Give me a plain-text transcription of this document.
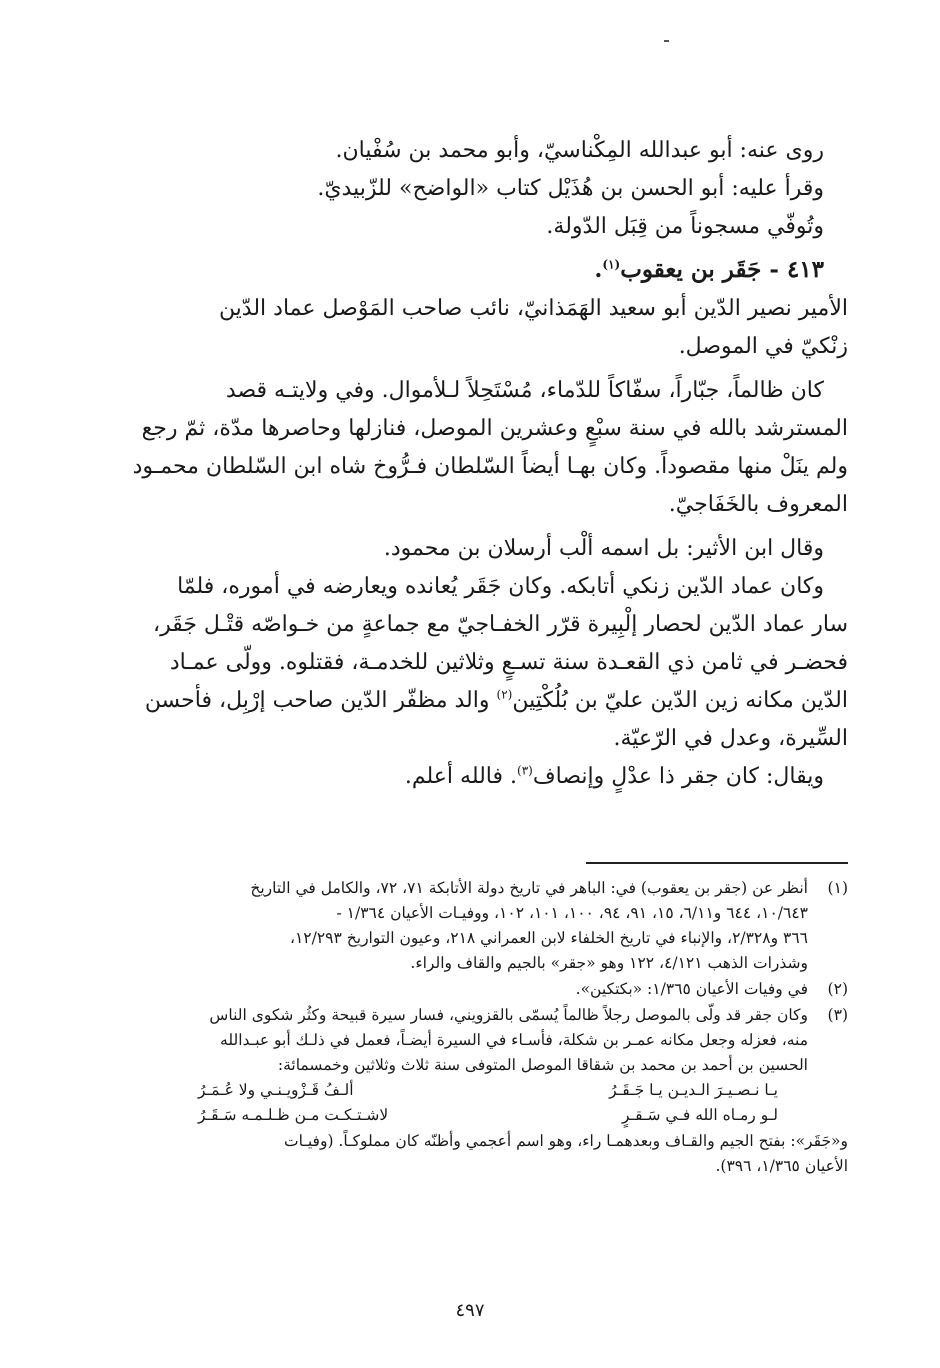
روى عنه: أبو عبدالله المِكْناسيّ، وأبو محمد بن سُفْيان.
وقرأ عليه: أبو الحسن بن هُذَيْل كتاب «الواضح» للزّبيديّ.
وتُوفّي مسجوناً من قِبَل الدّولة.
٤١٣ - جَقَر بن يعقوب$^{(١)}$.
الأمير نصير الدّين أبو سعيد الهَمَذانيّ، نائب صاحب المَوْصل عماد الدّين
زنْكيّ في الموصل.
كان ظالماً، جبّاراً، سفّاكاً للدّماء، مُسْتَحِلاً لـلأموال. وفي ولايتـه قصد
المسترشد بالله في سنة سبْعٍ وعشرين الموصل، فنازلها وحاصرها مدّة، ثمّ رجع
ولم ينَلْ منها مقصوداً. وكان بهـا أيضاً السّلطان فـرُّوخ شاه ابن السّلطان محمـود
المعروف بالخَفَاجيّ.
وقال ابن الأثير: بل اسمه ألْب أرسلان بن محمود.
وكان عماد الدّين زنكي أتابكه. وكان جَقَر يُعانده ويعارضه في أموره، فلمّا
سار عماد الدّين لحصار إلْبِيرة قرّر الخفـاجيّ مع جماعةٍ من خـواصّه قتْـل جَقَر،
فحضـر في ثامن ذي القعـدة سنة تسـعٍ وثلاثين للخدمـة، فقتلوه. وولّى عمـاد
الدّين مكانه زين الدّين عليّ بن بُلُكْتِين$^{(٢)}$ والد مظفّر الدّين صاحب إرْبِل، فأحسن
السِّيرة، وعدل في الرّعيّة.
ويقال: كان جقر ذا عدْلٍ وإنصاف$^{(٣)}$. فالله أعلم.
(١)
أنظر عن (جقر بن يعقوب) في: الباهر في تاريخ دولة الأتابكة ٧١، ٧٢، والكامل في التاريخ
١٠/٦٤٣، ٦٤٤ و٦/١١، ١٥، ٩١، ٩٤، ١٠٠، ١٠١، ١٠٢، ووفيـات الأعيان ١/٣٦٤ -
٣٦٦ و٢/٣٢٨، والإنباء في تاريخ الخلفاء لابن العمراني ٢١٨، وعيون التواريخ ١٢/٢٩٣،
وشذرات الذهب ٤/١٢١، ١٢٢ وهو «جقر» بالجيم والقاف والراء.
(٢)
في وفيات الأعيان ١/٣٦٥: «بكتكين».
(٣)
وكان جقر قد ولّى بالموصل رجلاً ظالماً يُسمّى بالقزويني، فسار سيرة قبيحة وكثُر شكوى الناس
منه، فعزله وجعل مكانه عمـر بن شكلة، فأسـاء في السيرة أيضـاً، فعمل في ذلـك أبو عبـدالله
الحسين بن أحمد بن محمد بن شقاقا الموصل المتوفى سنة ثلاث وثلاثين وخمسمائة:
يـا نـصـيـرَ الـديـن يـا جَـقَـرُ
ألـفُ قَـزْويـنـي ولا عُـمَـرُ
لـو رمـاه الله فـي سَـقـرٍ
لاشـتـكـت مـن ظـلـمـه سَـقَـرُ
و«جَقَر»: بفتح الجيم والقـاف وبعدهمـا راء، وهو اسم أعجمي وأظنّه كان مملوكـاً. (وفيـات
الأعيان ١/٣٦٥، ٣٩٦).
٤٩٧
